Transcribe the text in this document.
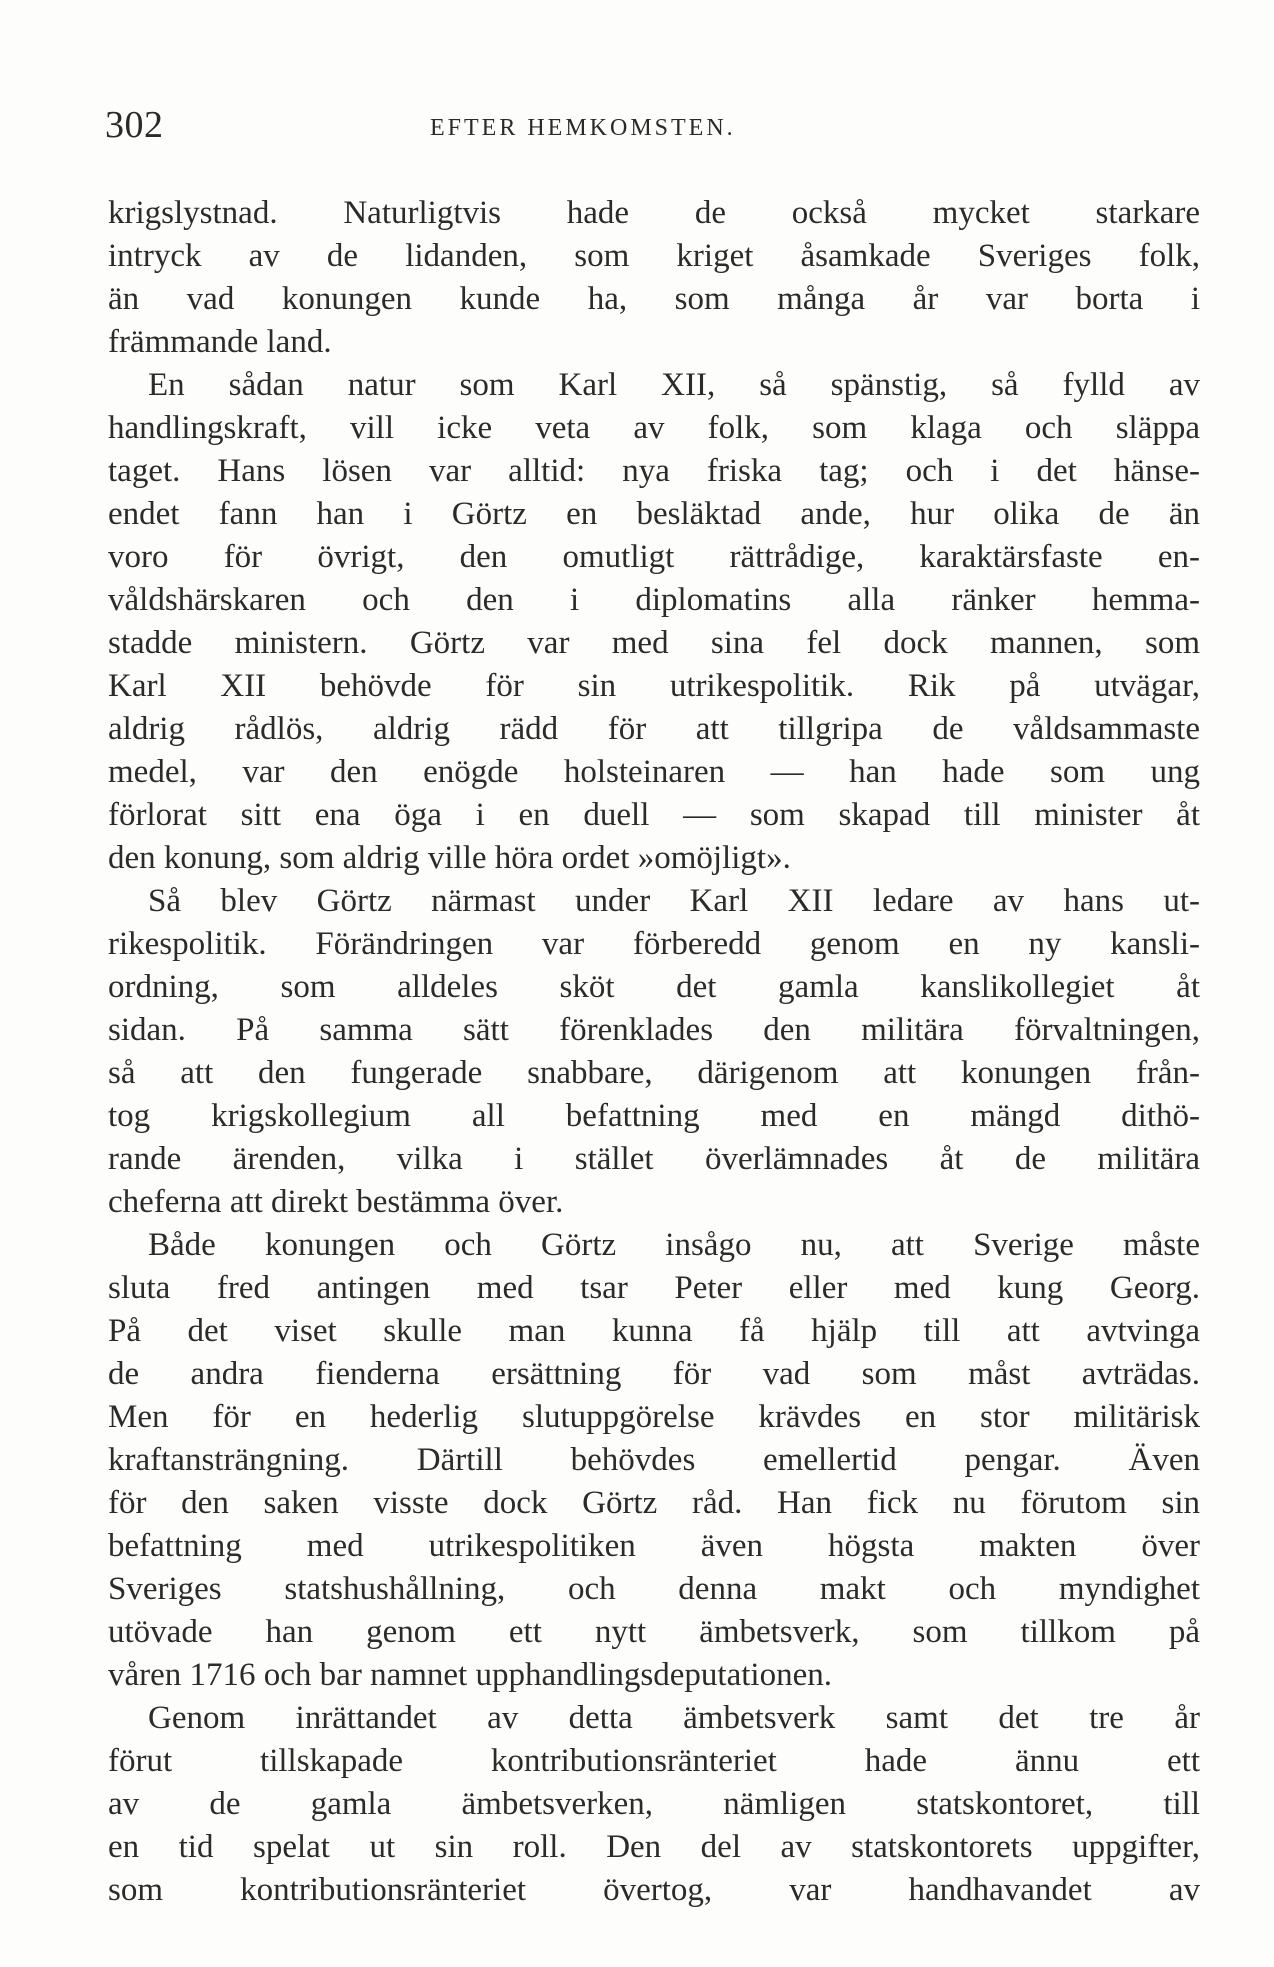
302	EFTER HEMKOMSTEN.
krigslystnad. Naturligtvis hade de också mycket starkare
intryck av de lidanden, som kriget åsamkade Sveriges folk,
än vad konungen kunde ha, som många år var borta i
främmande land.
En sådan natur som Karl XII, så spänstig, så fylld av
handlingskraft, vill icke veta av folk, som klaga och släppa
taget. Hans lösen var alltid: nya friska tag; och i det hänse-
endet fann han i Görtz en besläktad ande, hur olika de än
voro för övrigt, den omutligt rättrådige, karaktärsfaste en-
våldshärskaren och den i diplomatins alla ränker hemma-
stadde ministern. Görtz var med sina fel dock mannen, som
Karl XII behövde för sin utrikespolitik. Rik på utvägar,
aldrig rådlös, aldrig rädd för att tillgripa de våldsammaste
medel, var den enögde holsteinaren — han hade som ung
förlorat sitt ena öga i en duell — som skapad till minister åt
den konung, som aldrig ville höra ordet »omöjligt».
Så blev Görtz närmast under Karl XII ledare av hans ut-
rikespolitik. Förändringen var förberedd genom en ny kansli-
ordning, som alldeles sköt det gamla kanslikollegiet åt
sidan. På samma sätt förenklades den militära förvaltningen,
så att den fungerade snabbare, därigenom att konungen från-
tog krigskollegium all befattning med en mängd dithö-
rande ärenden, vilka i stället överlämnades åt de militära
cheferna att direkt bestämma över.
Både konungen och Görtz insågo nu, att Sverige måste
sluta fred antingen med tsar Peter eller med kung Georg.
På det viset skulle man kunna få hjälp till att avtvinga
de andra fienderna ersättning för vad som måst avträdas.
Men för en hederlig slutuppgörelse krävdes en stor militärisk
kraftansträngning. Därtill behövdes emellertid pengar. Även
för den saken visste dock Görtz råd. Han fick nu förutom sin
befattning med utrikespolitiken även högsta makten över
Sveriges statshushållning, och denna makt och myndighet
utövade han genom ett nytt ämbetsverk, som tillkom på
våren 1716 och bar namnet upphandlingsdeputationen.
Genom inrättandet av detta ämbetsverk samt det tre år
förut tillskapade kontributionsränteriet hade ännu ett
av de gamla ämbetsverken, nämligen statskontoret, till
en tid spelat ut sin roll. Den del av statskontorets uppgifter,
som kontributionsränteriet övertog, var handhavandet av
